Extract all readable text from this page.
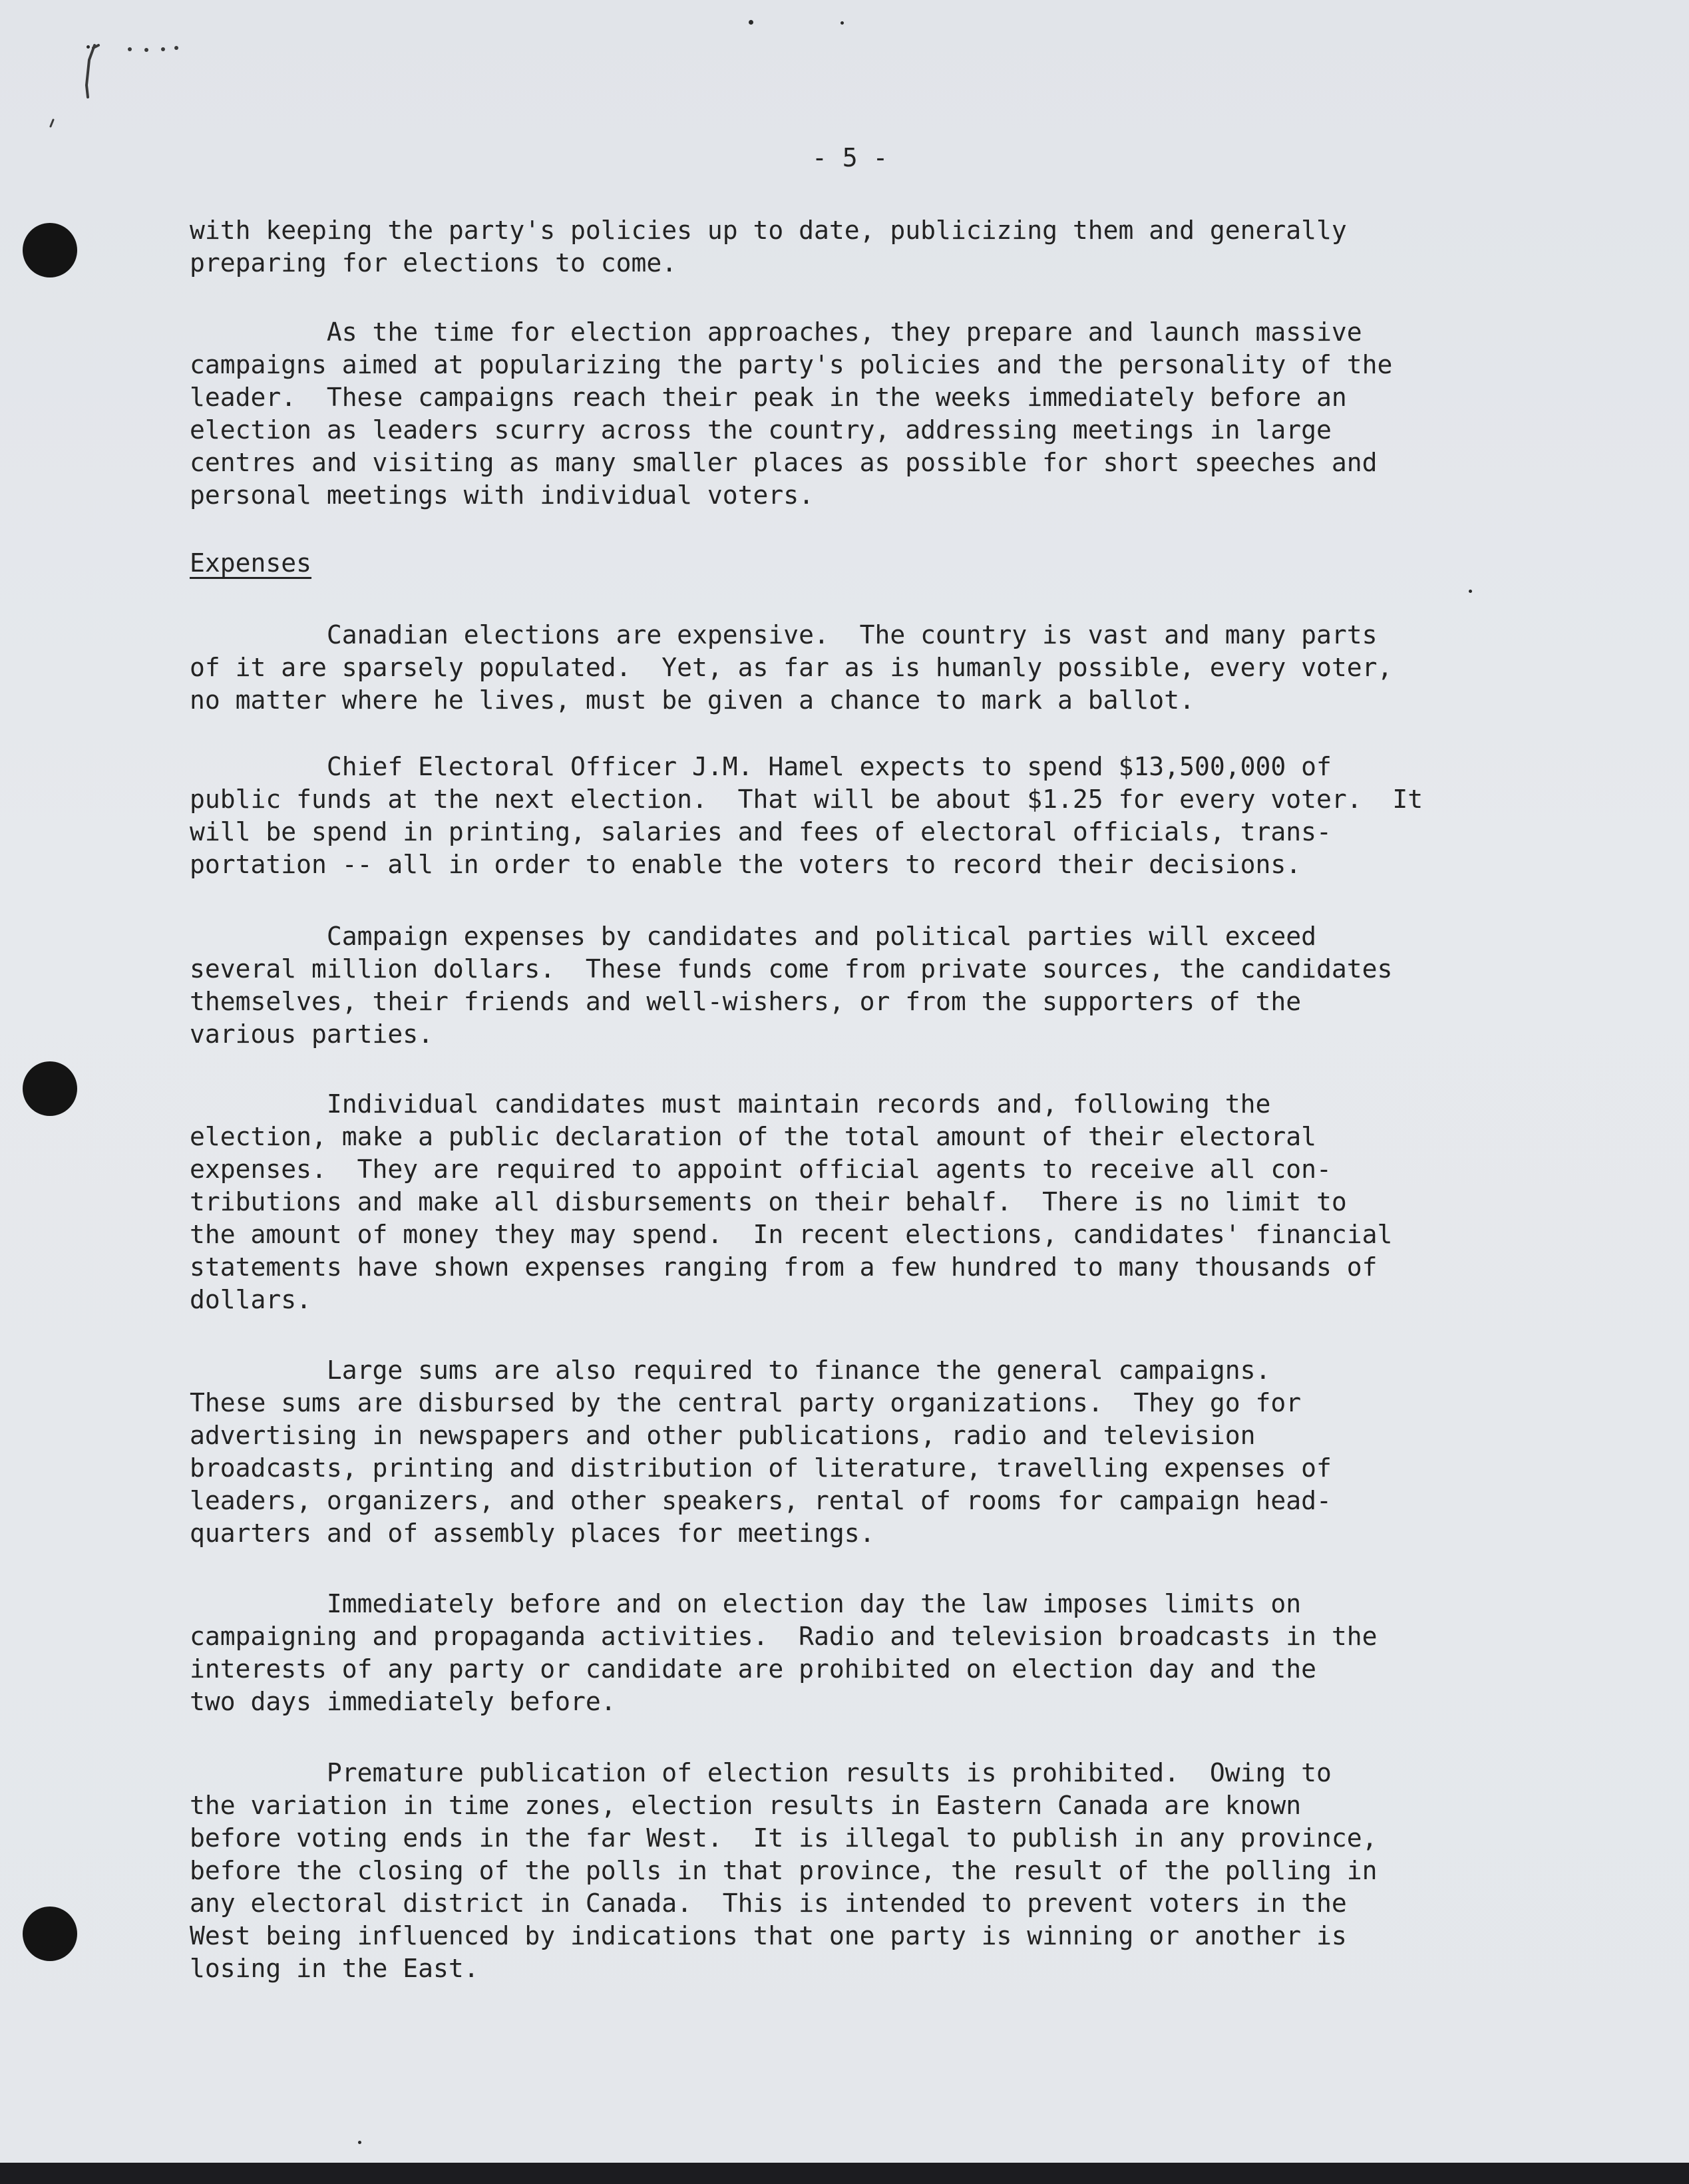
- 5 -

with keeping the party's policies up to date, publicizing them and generally
preparing for elections to come.

As the time for election approaches, they prepare and launch massive
campaigns aimed at popularizing the party's policies and the personality of the
leader.  These campaigns reach their peak in the weeks immediately before an
election as leaders scurry across the country, addressing meetings in large
centres and visiting as many smaller places as possible for short speeches and
personal meetings with individual voters.

Expenses

Canadian elections are expensive.  The country is vast and many parts
of it are sparsely populated.  Yet, as far as is humanly possible, every voter,
no matter where he lives, must be given a chance to mark a ballot.

Chief Electoral Officer J.M. Hamel expects to spend $13,500,000 of
public funds at the next election.  That will be about $1.25 for every voter.  It
will be spend in printing, salaries and fees of electoral officials, trans-
portation -- all in order to enable the voters to record their decisions.

Campaign expenses by candidates and political parties will exceed
several million dollars.  These funds come from private sources, the candidates
themselves, their friends and well-wishers, or from the supporters of the
various parties.

Individual candidates must maintain records and, following the
election, make a public declaration of the total amount of their electoral
expenses.  They are required to appoint official agents to receive all con-
tributions and make all disbursements on their behalf.  There is no limit to
the amount of money they may spend.  In recent elections, candidates' financial
statements have shown expenses ranging from a few hundred to many thousands of
dollars.

Large sums are also required to finance the general campaigns.
These sums are disbursed by the central party organizations.  They go for
advertising in newspapers and other publications, radio and television
broadcasts, printing and distribution of literature, travelling expenses of
leaders, organizers, and other speakers, rental of rooms for campaign head-
quarters and of assembly places for meetings.

Immediately before and on election day the law imposes limits on
campaigning and propaganda activities.  Radio and television broadcasts in the
interests of any party or candidate are prohibited on election day and the
two days immediately before.

Premature publication of election results is prohibited.  Owing to
the variation in time zones, election results in Eastern Canada are known
before voting ends in the far West.  It is illegal to publish in any province,
before the closing of the polls in that province, the result of the polling in
any electoral district in Canada.  This is intended to prevent voters in the
West being influenced by indications that one party is winning or another is
losing in the East.
